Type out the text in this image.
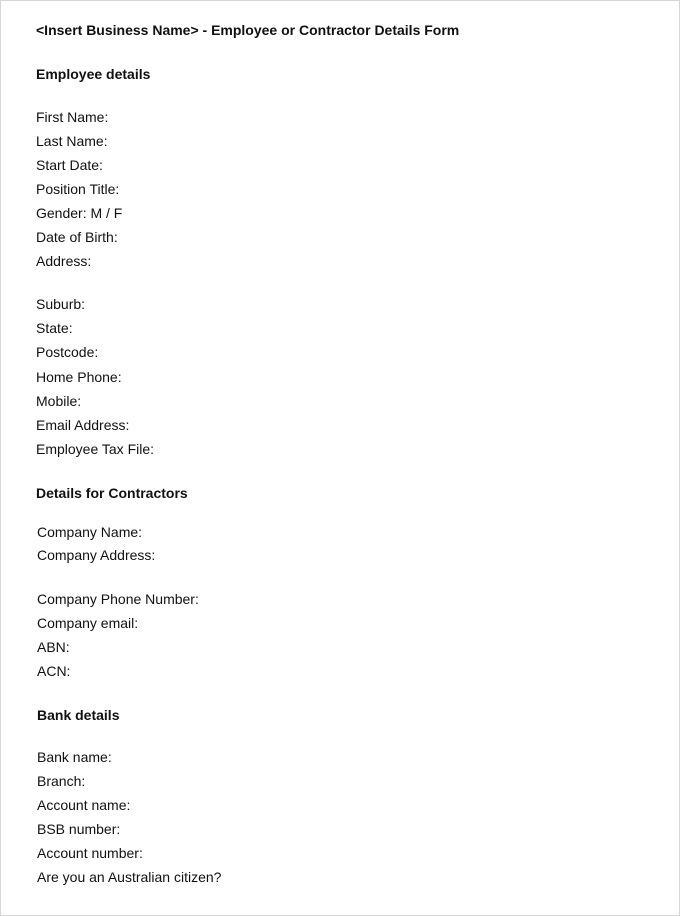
<Insert Business Name> - Employee or Contractor Details Form
Employee details
First Name:
Last Name:
Start Date:
Position Title:
Gender: M / F
Date of Birth:
Address:
Suburb:
State:
Postcode:
Home Phone:
Mobile:
Email Address:
Employee Tax File:
Details for Contractors
Company Name:
Company Address:
Company Phone Number:
Company email:
ABN:
ACN:
Bank details
Bank name:
Branch:
Account name:
BSB number:
Account number:
Are you an Australian citizen?
